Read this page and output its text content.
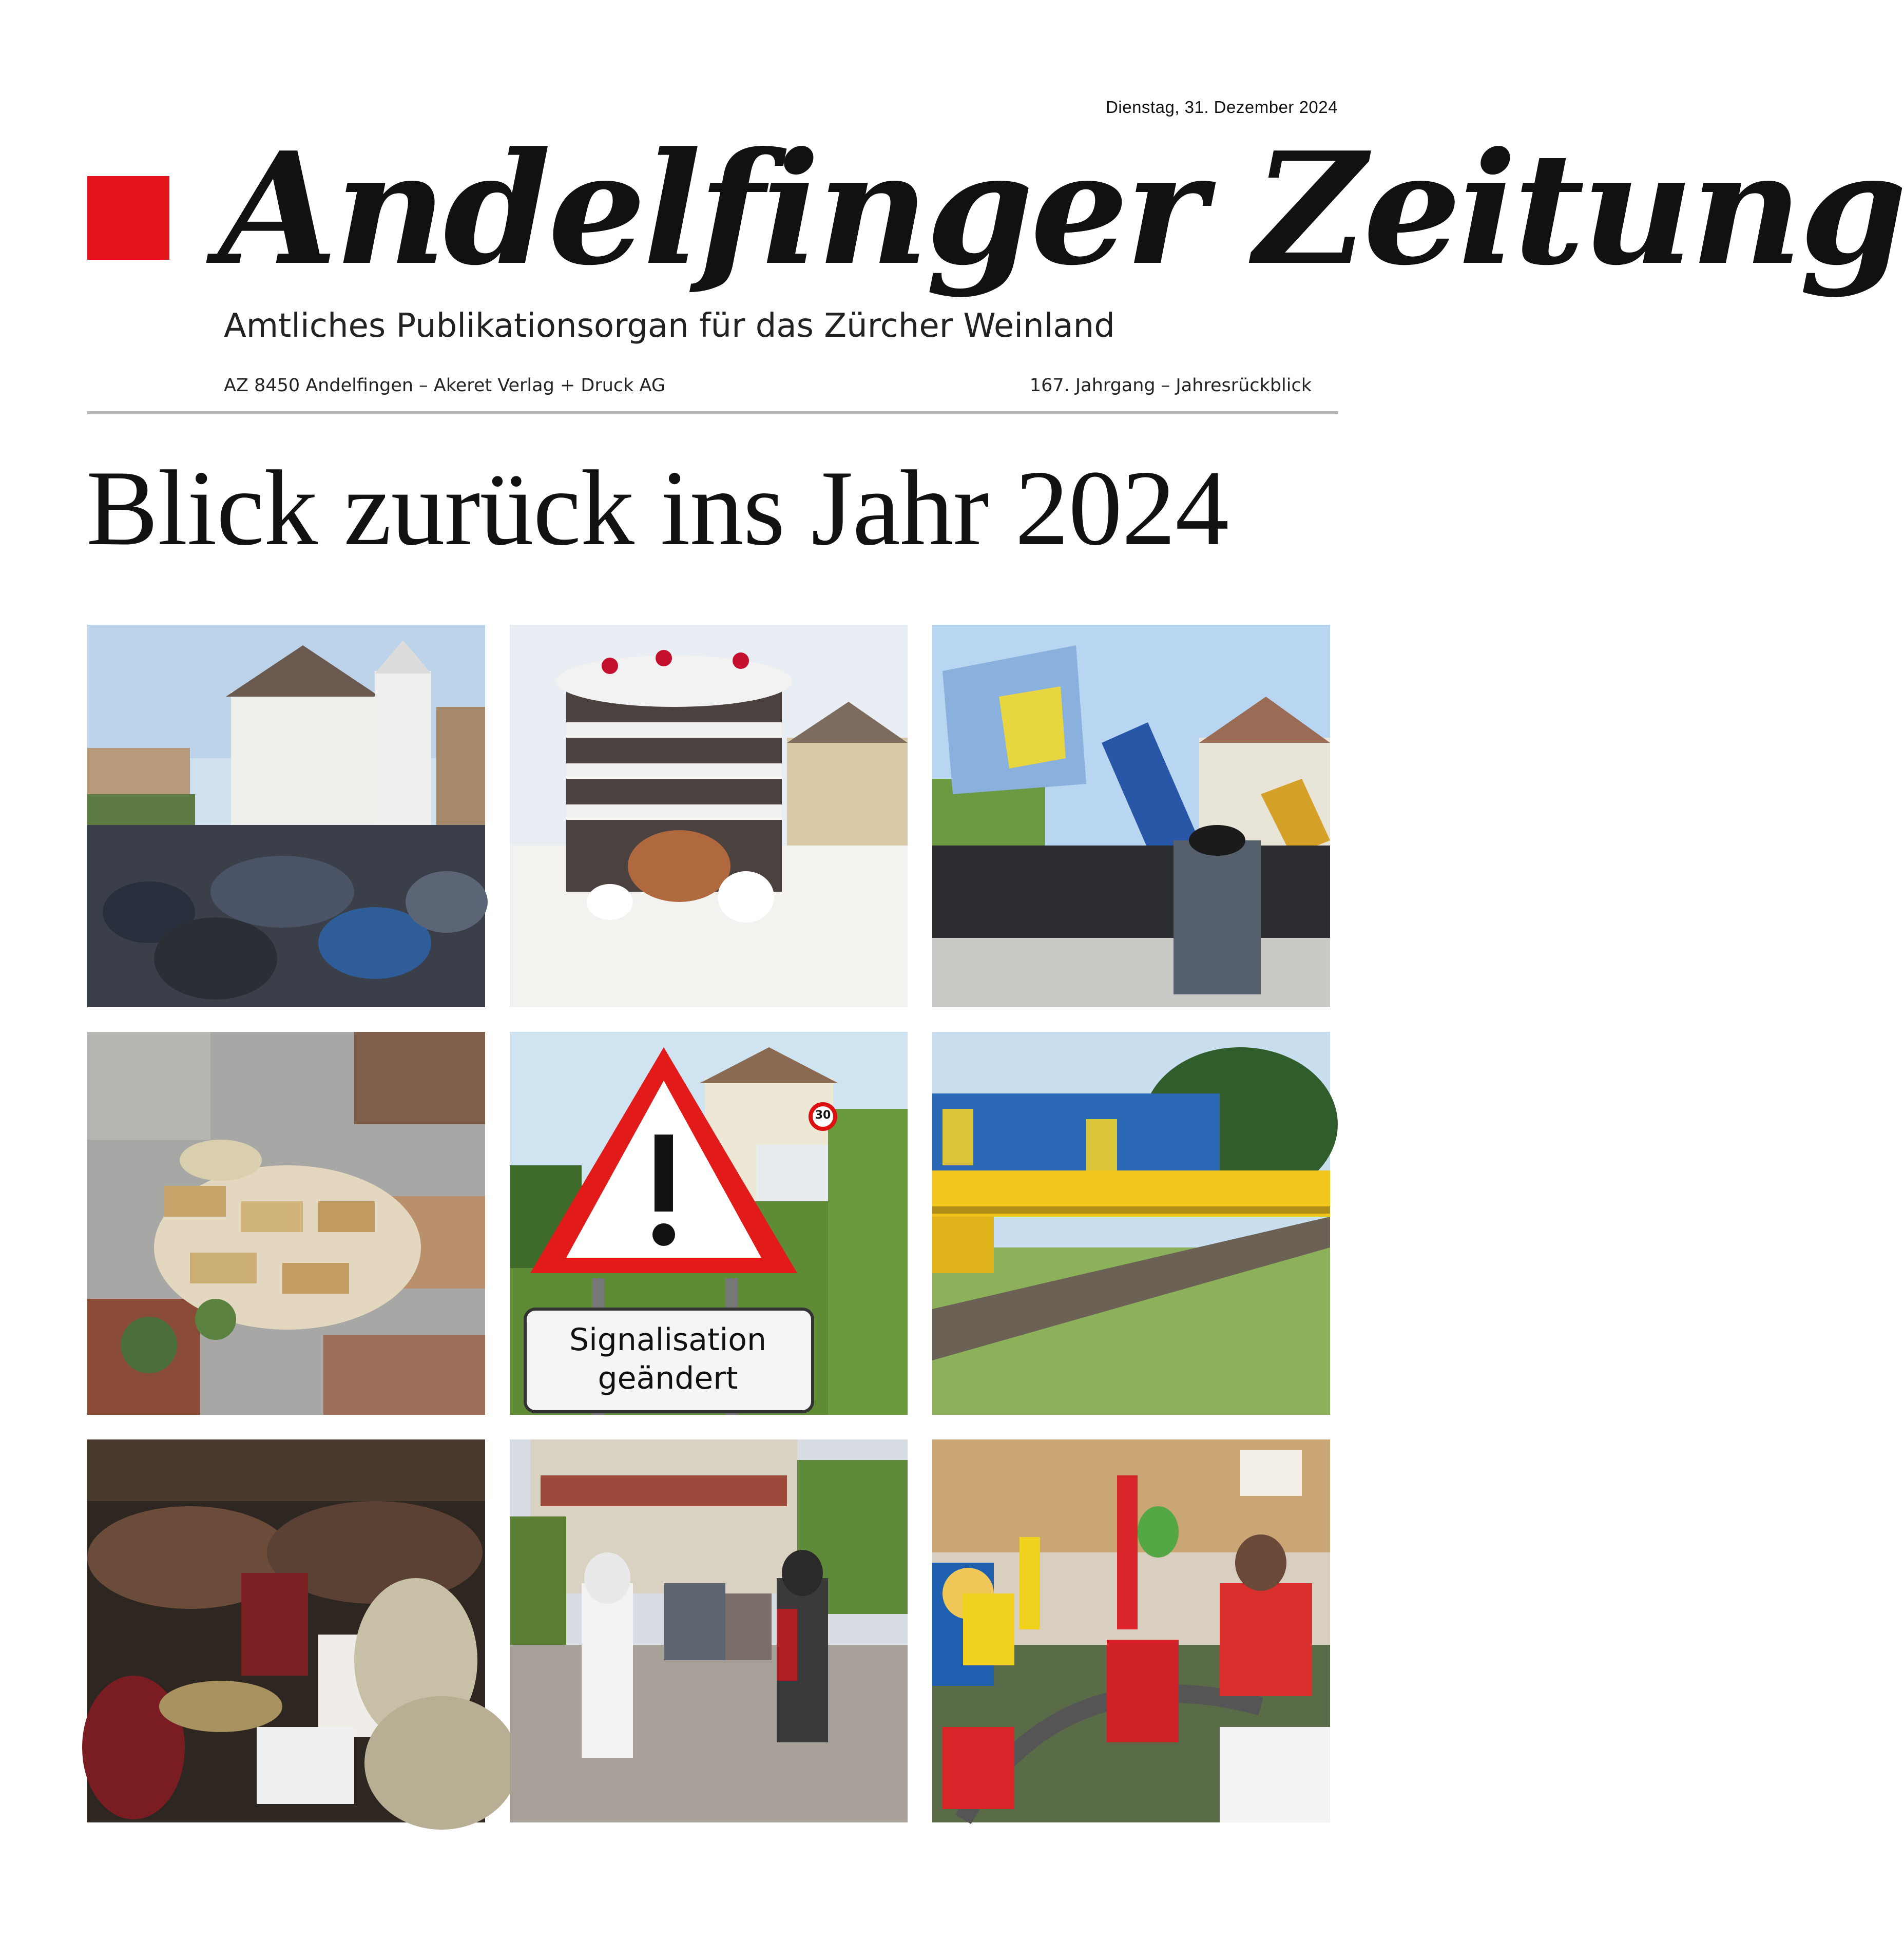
Dienstag, 31. Dezember 2024
Andelfinger Zeitung
Amtliches Publikationsorgan für das Zürcher Weinland
AZ 8450 Andelfingen – Akeret Verlag + Druck AG	167. Jahrgang – Jahresrückblick
Blick zurück ins Jahr 2024
Signalisation
geändert
30
